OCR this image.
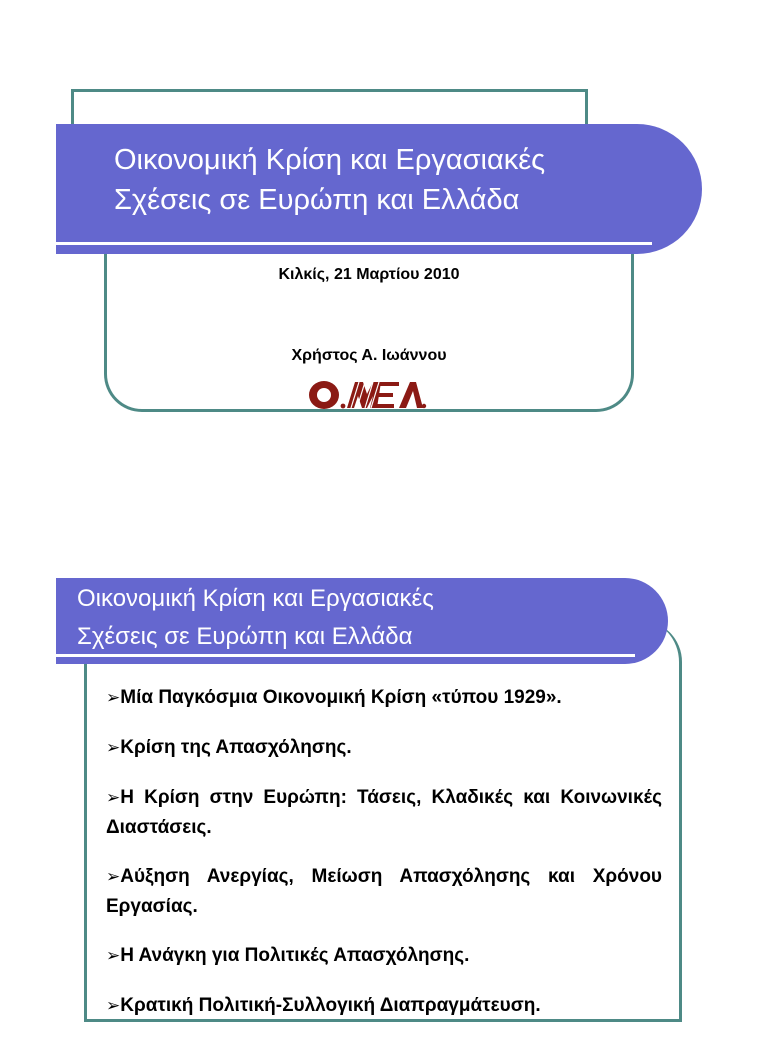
Οικονομική Κρίση και Εργασιακές
Σχέσεις σε Ευρώπη και Ελλάδα
Κιλκίς, 21 Μαρτίου 2010
Χρήστος Α. Ιωάννου
Οικονομική Κρίση και Εργασιακές
Σχέσεις σε Ευρώπη και Ελλάδα
➢Μία Παγκόσμια Οικονομική Κρίση «τύπου 1929».
➢Κρίση της Απασχόλησης.
➢Η Κρίση στην Ευρώπη: Τάσεις, Κλαδικές και Κοινωνικές Διαστάσεις.
➢Αύξηση Ανεργίας, Μείωση Απασχόλησης και Χρόνου Εργασίας.
➢Η Ανάγκη για Πολιτικές Απασχόλησης.
➢Κρατική Πολιτική-Συλλογική Διαπραγμάτευση.
